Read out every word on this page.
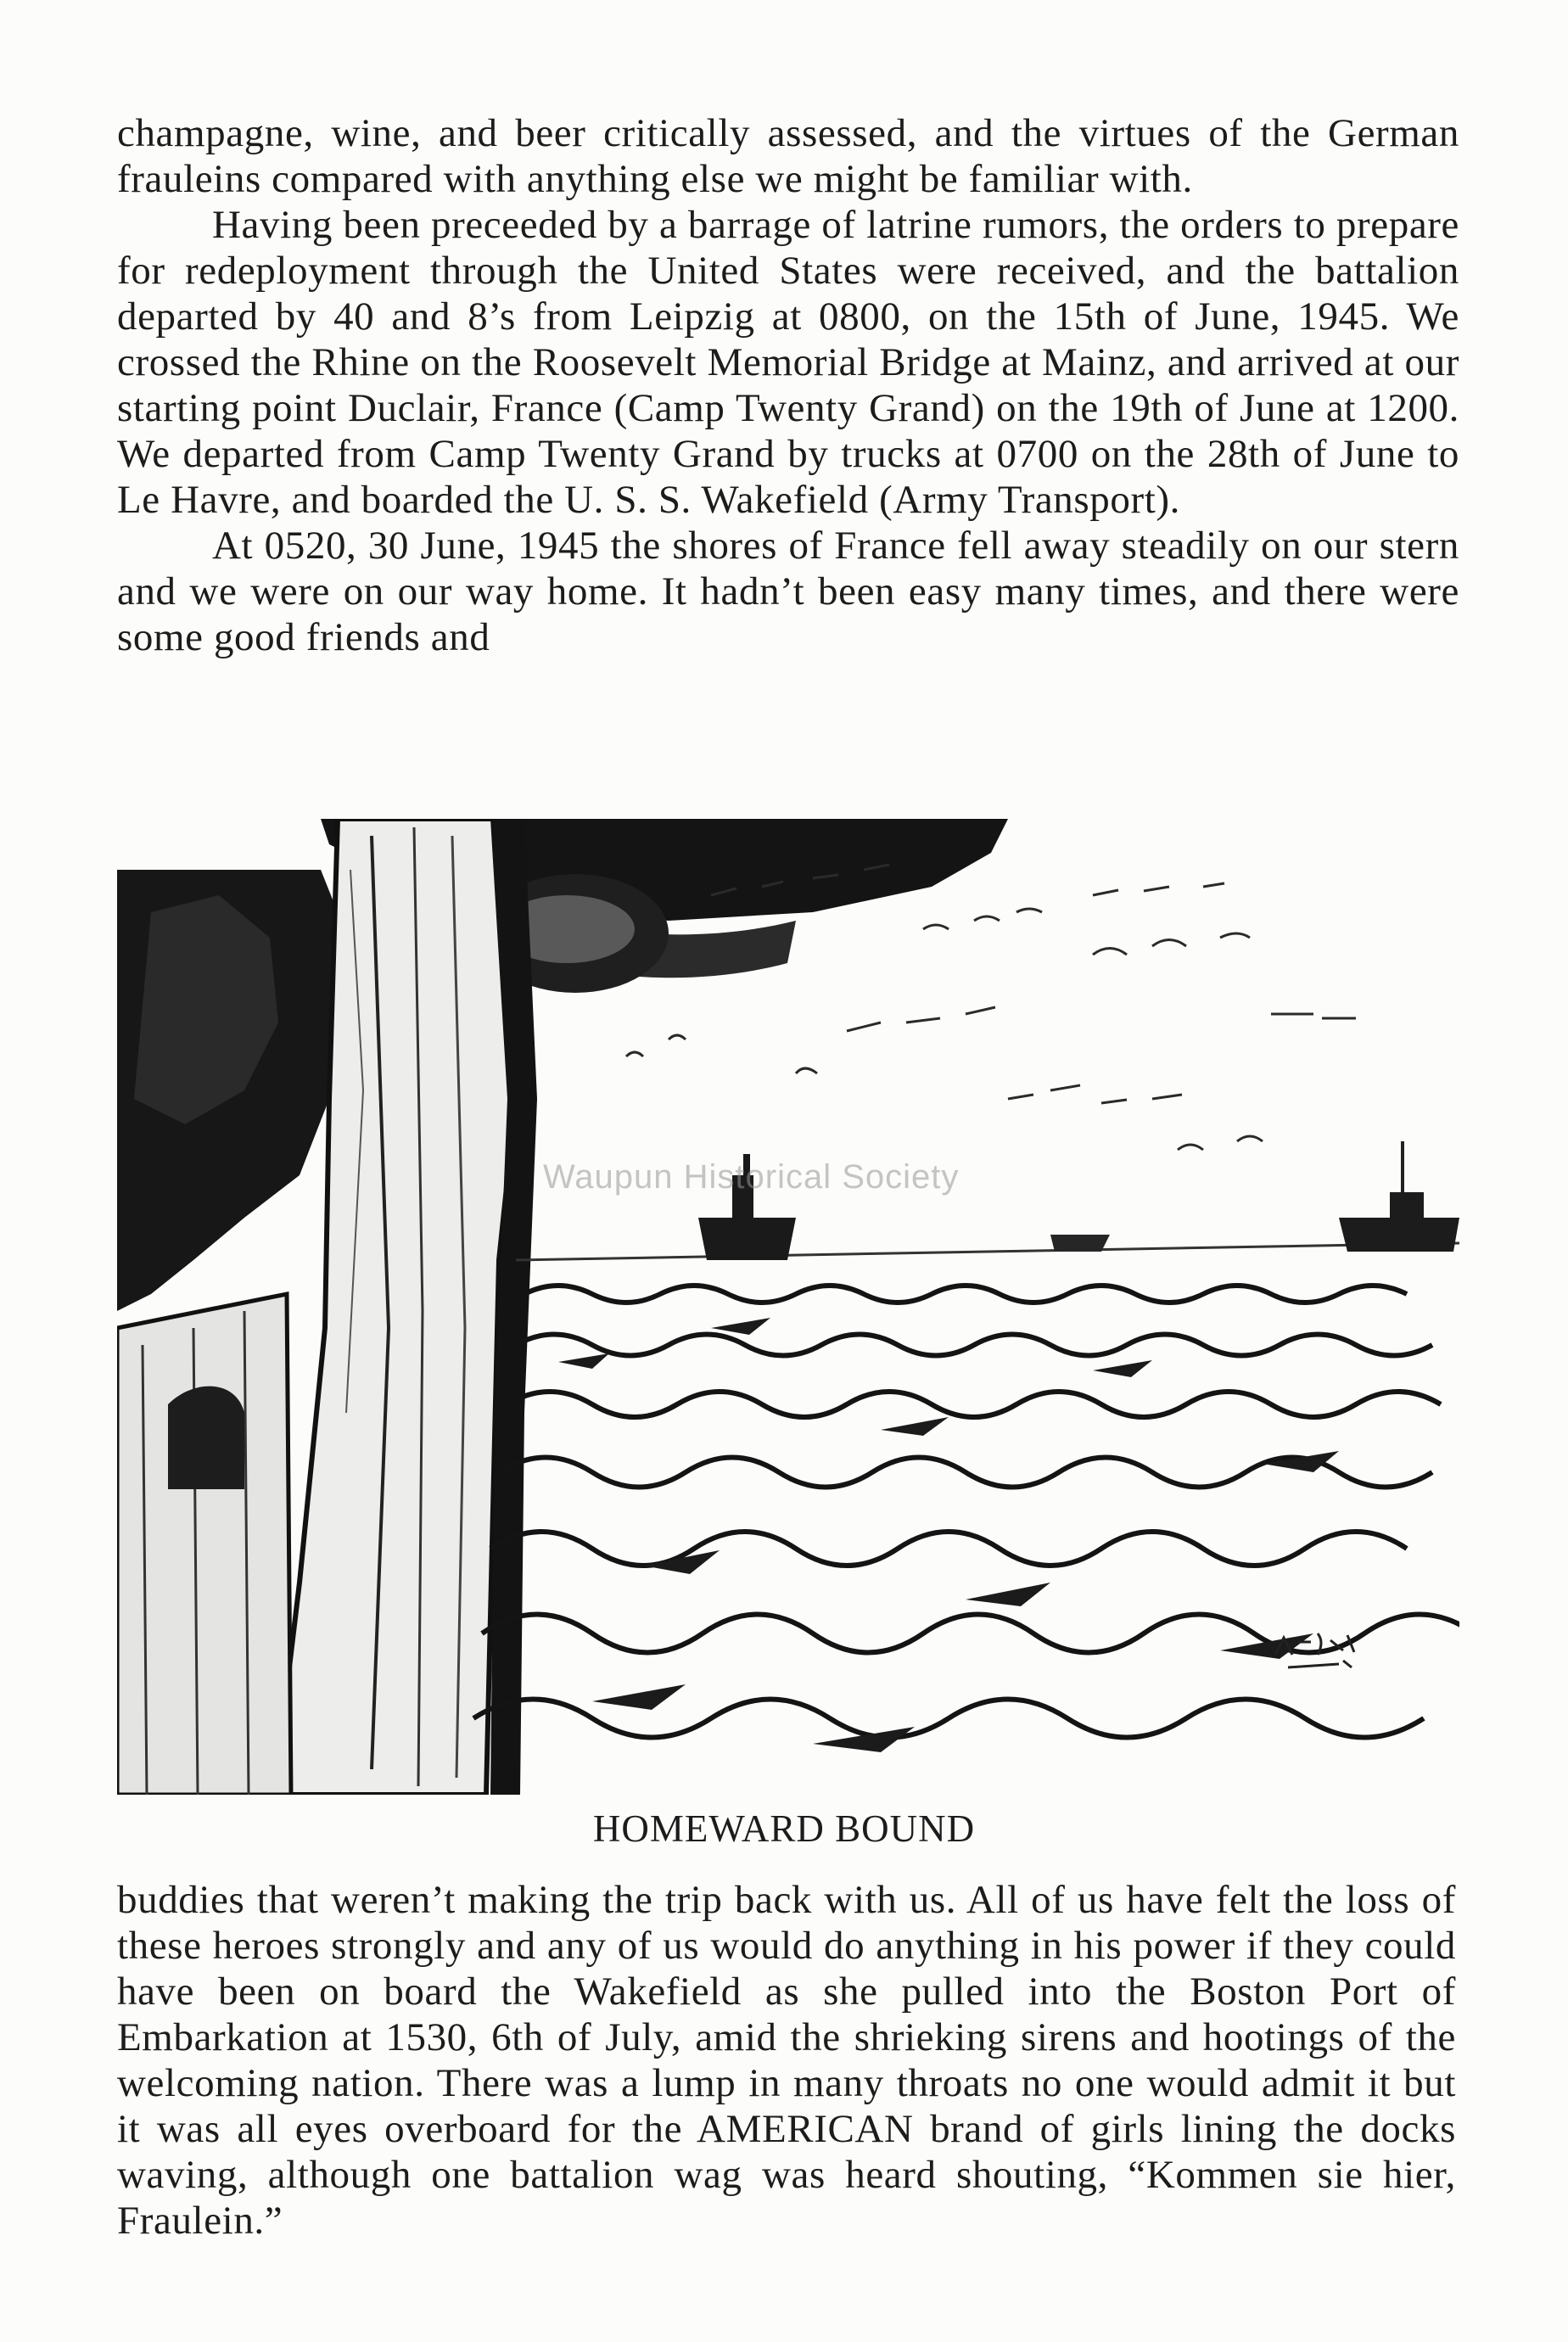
champagne, wine, and beer critically assessed, and the virtues of the German frauleins compared with anything else we might be familiar with.

Having been preceeded by a barrage of latrine rumors, the orders to prepare for redeployment through the United States were received, and the battalion departed by 40 and 8’s from Leipzig at 0800, on the 15th of June, 1945. We crossed the Rhine on the Roosevelt Memorial Bridge at Mainz, and arrived at our starting point Duclair, France (Camp Twenty Grand) on the 19th of June at 1200. We departed from Camp Twenty Grand by trucks at 0700 on the 28th of June to Le Havre, and boarded the U. S. S. Wakefield (Army Transport).

At 0520, 30 June, 1945 the shores of France fell away steadily on our stern and we were on our way home. It hadn’t been easy many times, and there were some good friends and

Waupun Historical Society
HOMEWARD BOUND

buddies that weren’t making the trip back with us. All of us have felt the loss of these heroes strongly and any of us would do anything in his power if they could have been on board the Wakefield as she pulled into the Boston Port of Embarkation at 1530, 6th of July, amid the shrieking sirens and hootings of the welcoming nation. There was a lump in many throats no one would admit it but it was all eyes overboard for the AMERICAN brand of girls lining the docks waving, although one battalion wag was heard shouting, “Kommen sie hier, Fraulein.”
